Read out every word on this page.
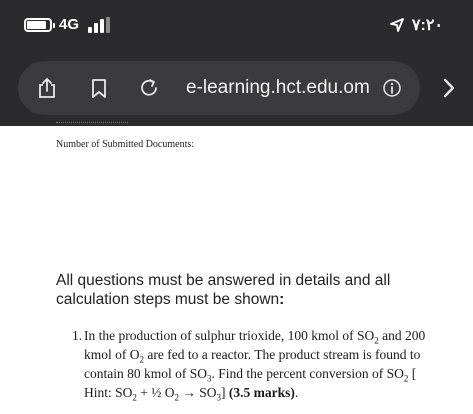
4G	٧:٢٠
e-learning.hct.edu.om
Number of Submitted Documents:
All questions must be answered in details and all calculation steps must be shown:
1. In the production of sulphur trioxide, 100 kmol of $SO_2$ and 200 kmol of $O_2$ are fed to a reactor. The product stream is found to contain 80 kmol of $SO_3$. Find the percent conversion of $SO_2$ [ Hint: $SO_2$ + ½ $O_2 \to SO_3$] (3.5 marks).
